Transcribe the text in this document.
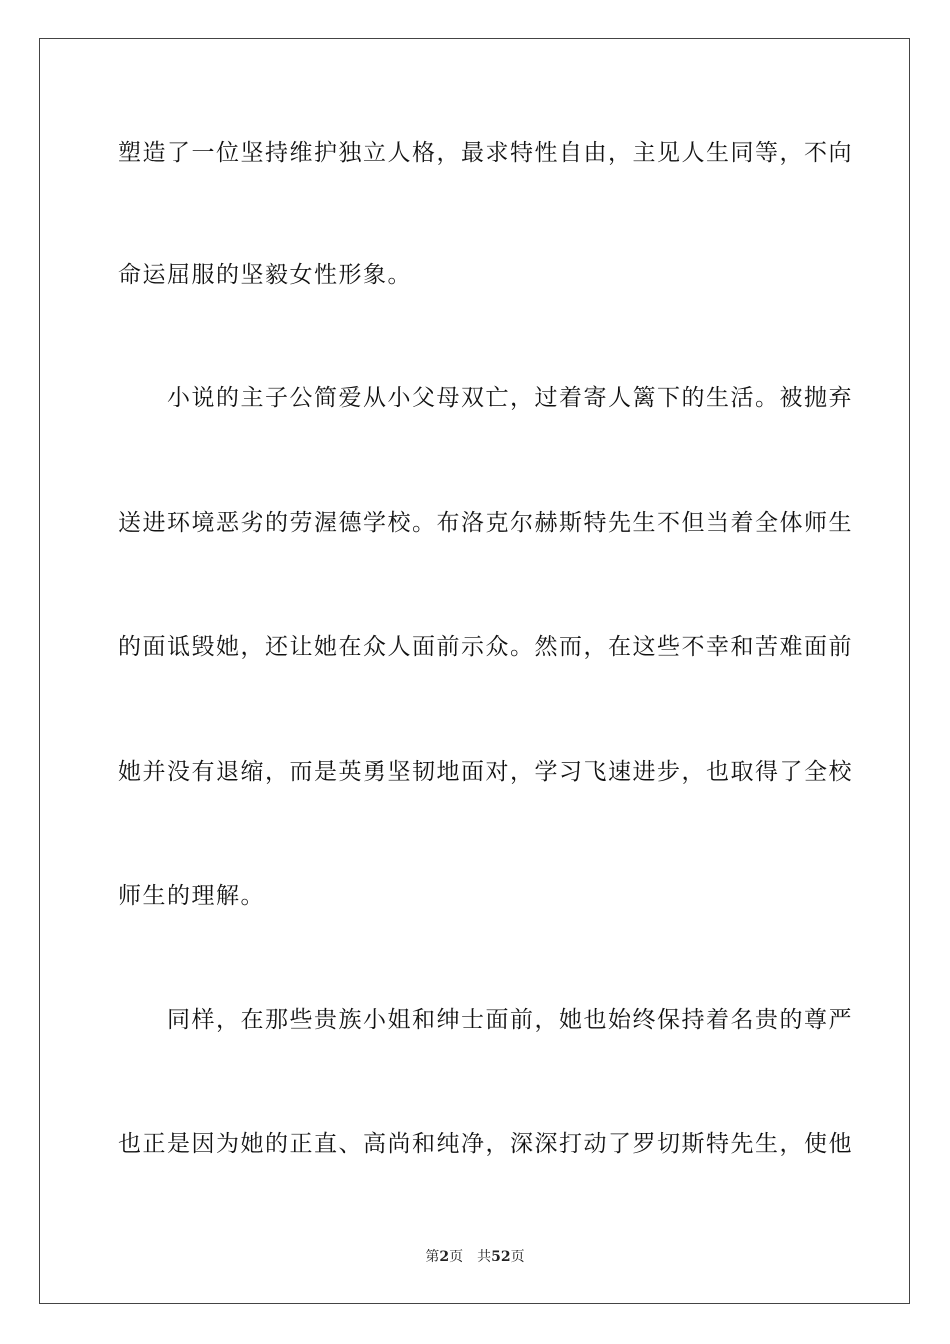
塑造了一位坚持维护独立人格，最求特性自由，主见人生同等，不向
命运屈服的坚毅女性形象。
　　小说的主子公简爱从小父母双亡，过着寄人篱下的生活。被抛弃
送进环境恶劣的劳渥德学校。布洛克尔赫斯特先生不但当着全体师生
的面诋毁她，还让她在众人面前示众。然而，在这些不幸和苦难面前
她并没有退缩，而是英勇坚韧地面对，学习飞速进步，也取得了全校
师生的理解。
　　同样，在那些贵族小姐和绅士面前，她也始终保持着名贵的尊严
也正是因为她的正直、高尚和纯净，深深打动了罗切斯特先生，使他
第2页 共52页
